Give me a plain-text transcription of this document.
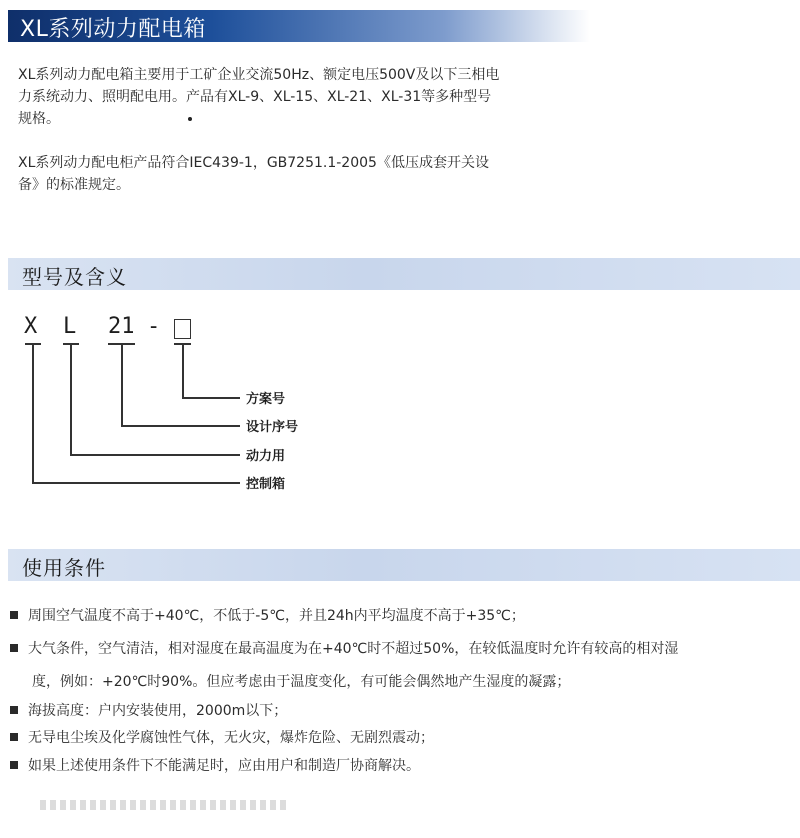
XL系列动力配电箱
XL系列动力配电箱主要用于工矿企业交流50Hz、额定电压500V及以下三相电
力系统动力、照明配电用。产品有XL-9、XL-15、XL-21、XL-31等多种型号
规格。
XL系列动力配电柜产品符合IEC439-1，GB7251.1-2005《低压成套开关设
备》的标准规定。
型号及含义
X L 21 -
方案号
设计序号
动力用
控制箱
使用条件
周围空气温度不高于+40℃，不低于-5℃，并且24h内平均温度不高于+35℃；
大气条件，空气清洁，相对湿度在最高温度为在+40℃时不超过50%，在较低温度时允许有较高的相对湿
度，例如：+20℃时90%。但应考虑由于温度变化，有可能会偶然地产生湿度的凝露；
海拔高度：户内安装使用，2000m以下；
无导电尘埃及化学腐蚀性气体，无火灾，爆炸危险、无剧烈震动；
如果上述使用条件下不能满足时，应由用户和制造厂协商解决。
